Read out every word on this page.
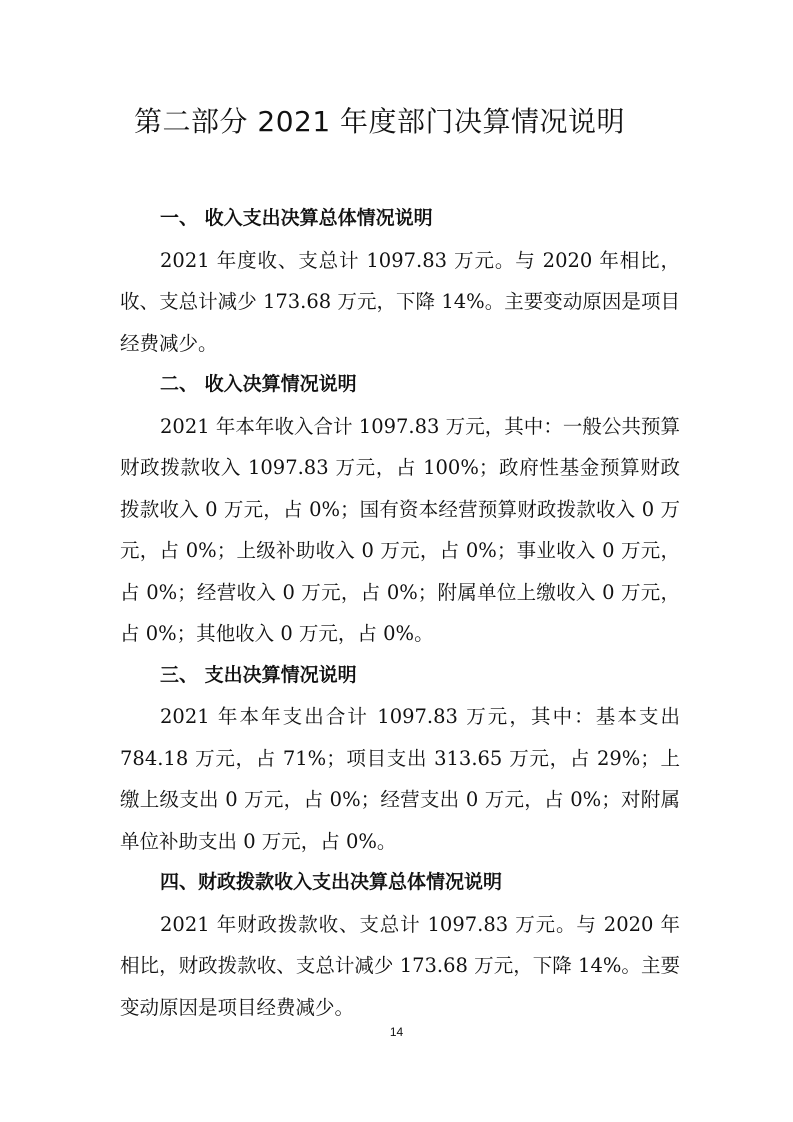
第二部分 2021 年度部门决算情况说明
一、 收入支出决算总体情况说明

2021 年度收、支总计 1097.83 万元。与 2020 年相比，收、支总计减少 173.68 万元，下降 14%。主要变动原因是项目经费减少。

二、 收入决算情况说明

2021 年本年收入合计 1097.83 万元，其中：一般公共预算财政拨款收入 1097.83 万元，占 100%；政府性基金预算财政拨款收入 0 万元，占 0%；国有资本经营预算财政拨款收入 0 万元，占 0%；上级补助收入 0 万元，占 0%；事业收入 0 万元，占 0%；经营收入 0 万元，占 0%；附属单位上缴收入 0 万元，占 0%；其他收入 0 万元，占 0%。

三、 支出决算情况说明

2021 年本年支出合计 1097.83 万元，其中：基本支出 784.18 万元，占 71%；项目支出 313.65 万元，占 29%；上缴上级支出 0 万元，占 0%；经营支出 0 万元，占 0%；对附属单位补助支出 0 万元，占 0%。

四、财政拨款收入支出决算总体情况说明

2021 年财政拨款收、支总计 1097.83 万元。与 2020 年相比，财政拨款收、支总计减少 173.68 万元，下降 14%。主要变动原因是项目经费减少。

14
